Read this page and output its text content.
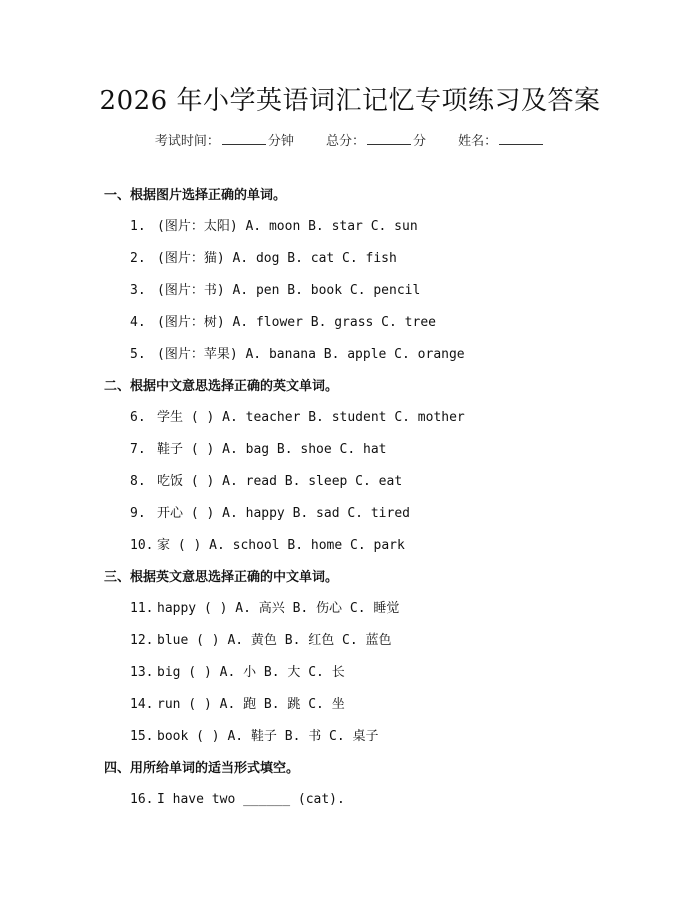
2026 年小学英语词汇记忆专项练习及答案
考试时间：	分钟 总分：	分 姓名：
一、根据图片选择正确的单词。
1. (图片：太阳) A. moon B. star C. sun
2. (图片：猫) A. dog B. cat C. fish
3. (图片：书) A. pen B. book C. pencil
4. (图片：树) A. flower B. grass C. tree
5. (图片：苹果) A. banana B. apple C. orange
二、根据中文意思选择正确的英文单词。
6. 学生 ( ) A. teacher B. student C. mother
7. 鞋子 ( ) A. bag B. shoe C. hat
8. 吃饭 ( ) A. read B. sleep C. eat
9. 开心 ( ) A. happy B. sad C. tired
10. 家 ( ) A. school B. home C. park
三、根据英文意思选择正确的中文单词。
11. happy ( ) A. 高兴 B. 伤心 C. 睡觉
12. blue ( ) A. 黄色 B. 红色 C. 蓝色
13. big ( ) A. 小 B. 大 C. 长
14. run ( ) A. 跑 B. 跳 C. 坐
15. book ( ) A. 鞋子 B. 书 C. 桌子
四、用所给单词的适当形式填空。
16. I have two ______ (cat).
